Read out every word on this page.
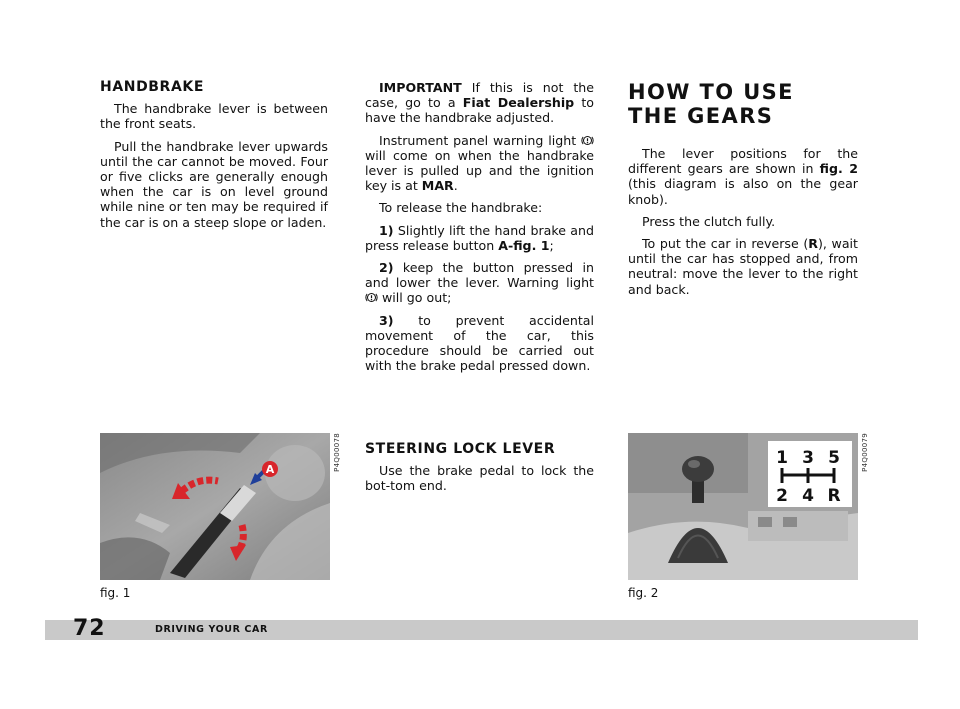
HANDBRAKE

The handbrake lever is between the front seats.

Pull the handbrake lever upwards until the car cannot be moved. Four or five clicks are generally enough when the car is on level ground while nine or ten may be required if the car is on a steep slope or laden.

IMPORTANT If this is not the case, go to a Fiat Dealership to have the handbrake adjusted.

Instrument panel warning light  will come on when the handbrake lever is pulled up and the ignition key is at MAR.

To release the handbrake:

1) Slightly lift the hand brake and press release button A-fig. 1;

2) keep the button pressed in and lower the lever. Warning light  will go out;

3) to prevent accidental movement of the car, this procedure should be carried out with the brake pedal pressed down.

STEERING LOCK LEVER

Use the brake pedal to lock the bot-tom end.

HOW TO USE
THE GEARS

The lever positions for the different gears are shown in fig. 2 (this diagram is also on the gear knob).

Press the clutch fully.

To put the car in reverse (R), wait until the car has stopped and, from neutral: move the lever to the right and back.

A	P4Q00078
fig. 1
1 3 5
2 4 R
P4Q00079
fig. 2
72	DRIVING YOUR CAR
